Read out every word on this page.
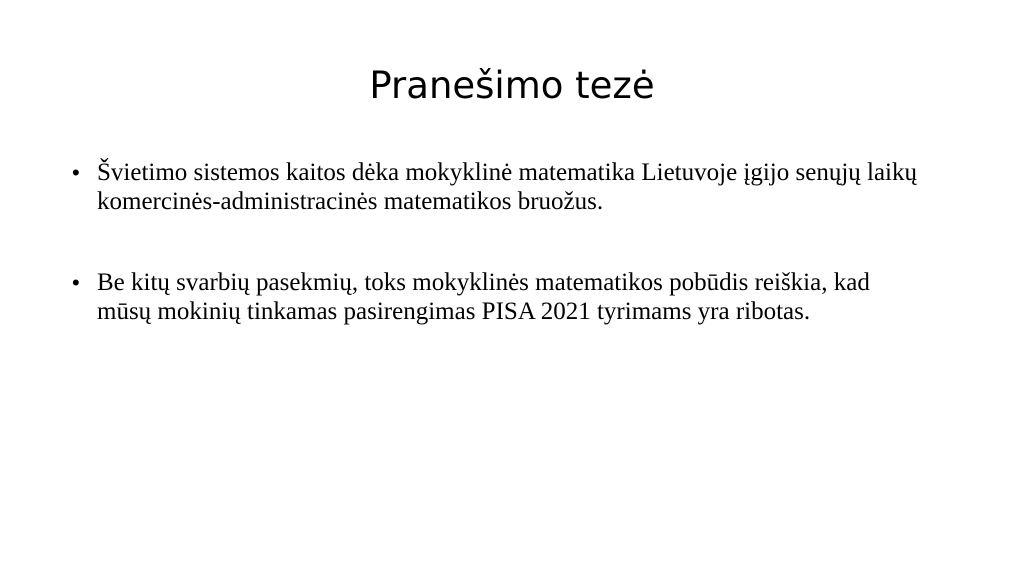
Pranešimo tezė
• Švietimo sistemos kaitos dėka mokyklinė matematika Lietuvoje įgijo senųjų laikų komercinės-administracinės matematikos bruožus.
• Be kitų svarbių pasekmių, toks mokyklinės matematikos pobūdis reiškia, kad mūsų mokinių tinkamas pasirengimas PISA 2021 tyrimams yra ribotas.
